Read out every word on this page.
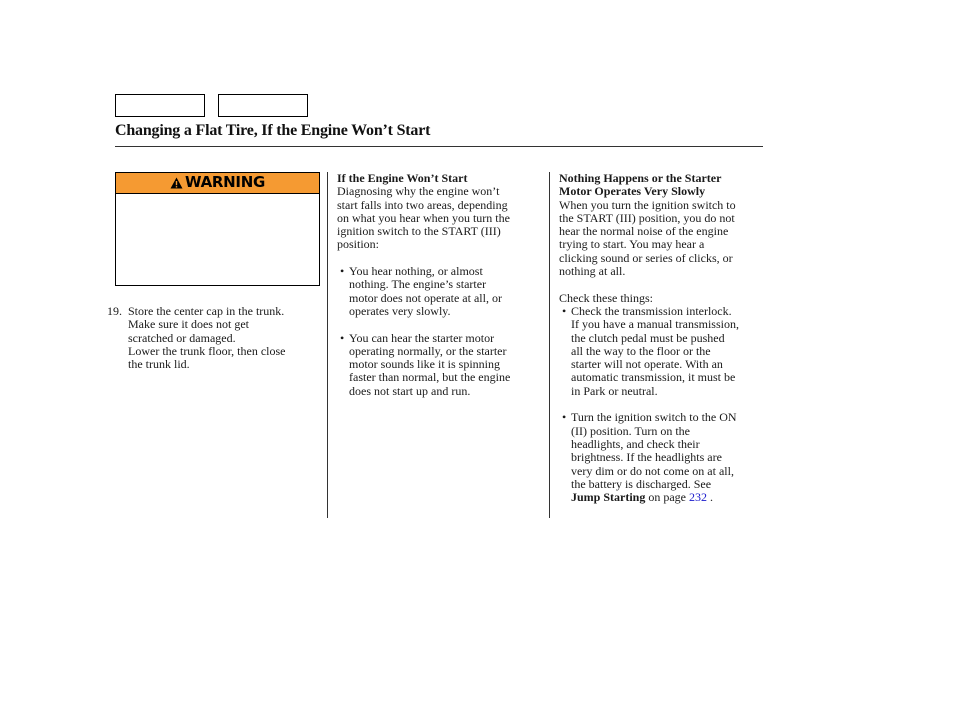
Changing a Flat Tire, If the Engine Won’t Start
WARNING
19. Store the center cap in the trunk.
Make sure it does not get
scratched or damaged.
Lower the trunk floor, then close
the trunk lid.
If the Engine Won’t Start
Diagnosing why the engine won’t
start falls into two areas, depending
on what you hear when you turn the
ignition switch to the START (III)
position:
• You hear nothing, or almost
nothing. The engine’s starter
motor does not operate at all, or
operates very slowly.
• You can hear the starter motor
operating normally, or the starter
motor sounds like it is spinning
faster than normal, but the engine
does not start up and run.
Nothing Happens or the Starter
Motor Operates Very Slowly
When you turn the ignition switch to
the START (III) position, you do not
hear the normal noise of the engine
trying to start. You may hear a
clicking sound or series of clicks, or
nothing at all.
Check these things:
• Check the transmission interlock.
If you have a manual transmission,
the clutch pedal must be pushed
all the way to the floor or the
starter will not operate. With an
automatic transmission, it must be
in Park or neutral.
• Turn the ignition switch to the ON
(II) position. Turn on the
headlights, and check their
brightness. If the headlights are
very dim or do not come on at all,
the battery is discharged. See
Jump Starting on page 232 .
